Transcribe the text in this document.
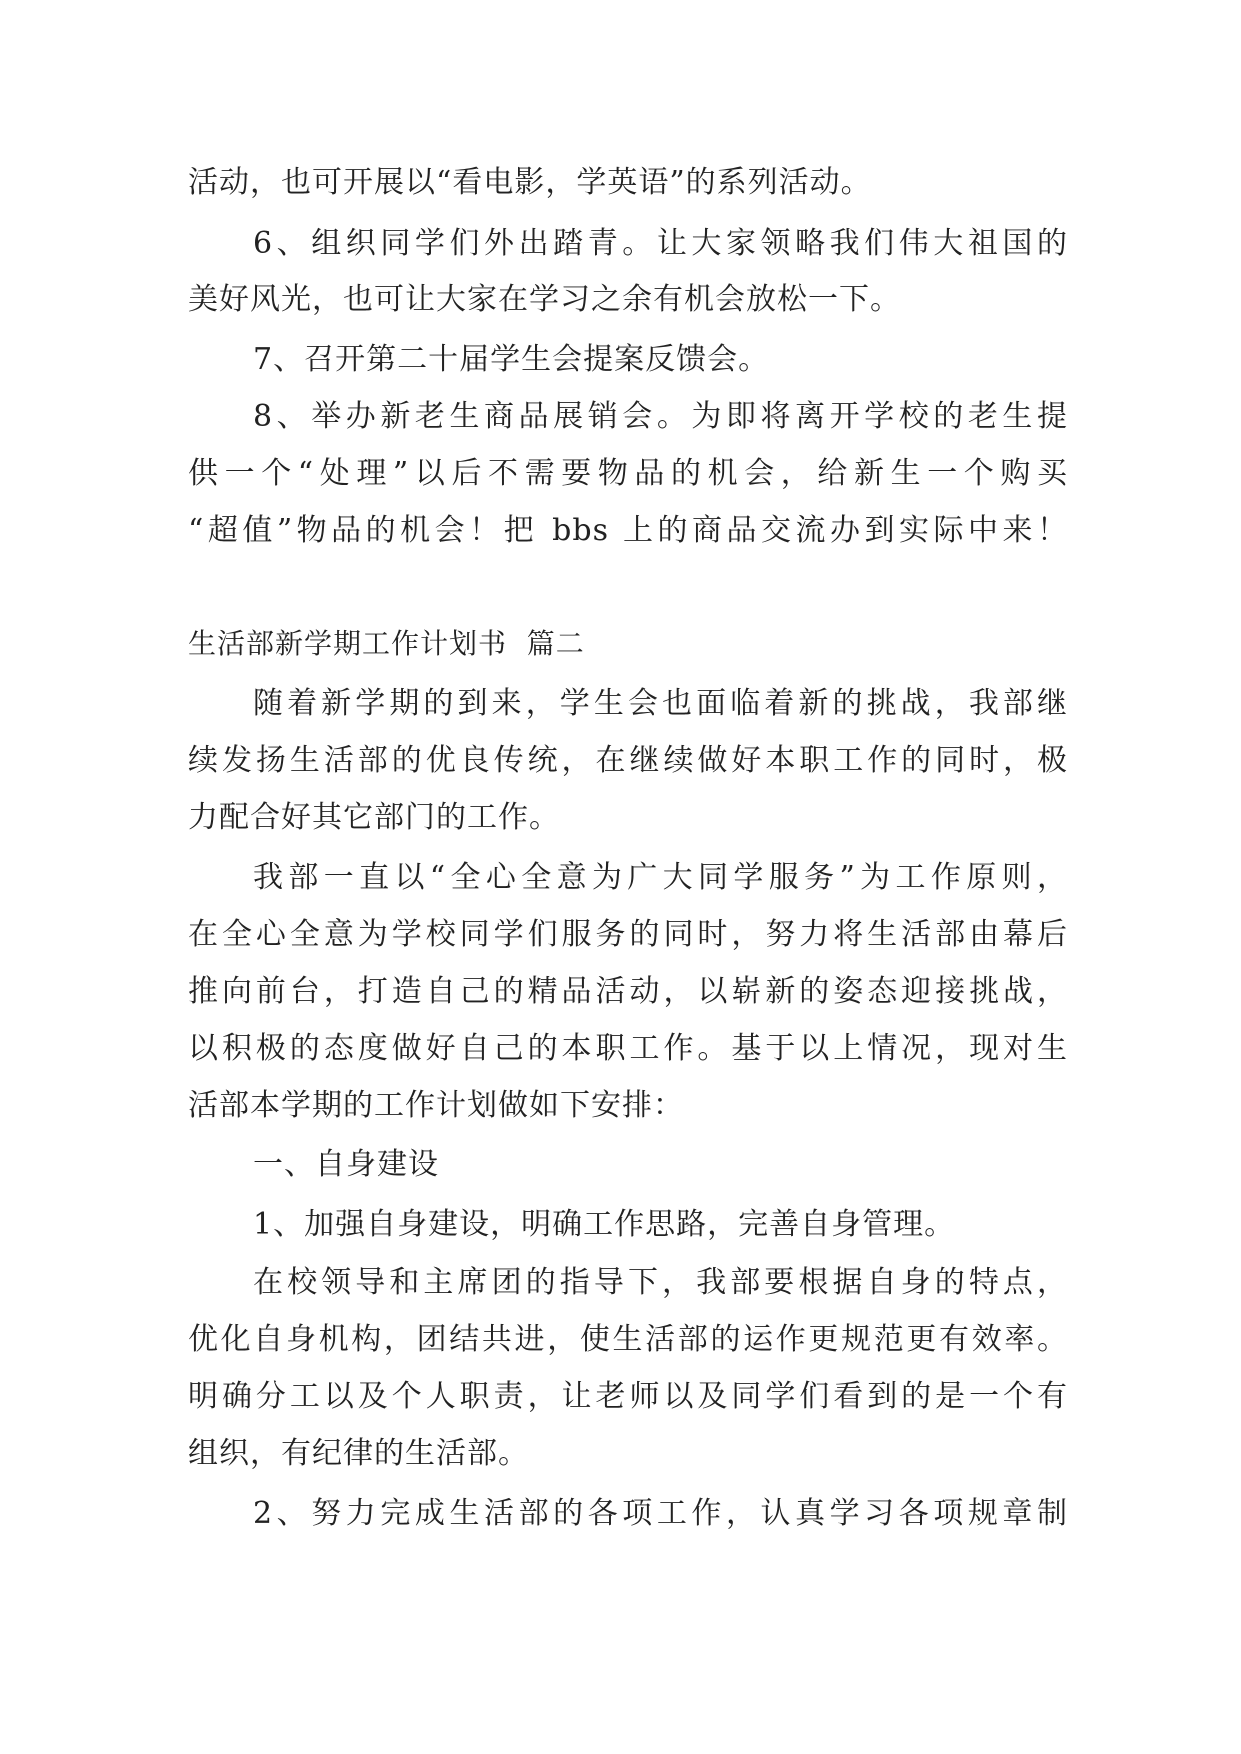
活动，也可开展以“看电影，学英语”的系列活动。
6、组织同学们外出踏青。让大家领略我们伟大祖国的
美好风光，也可让大家在学习之余有机会放松一下。
7、召开第二十届学生会提案反馈会。
8、举办新老生商品展销会。为即将离开学校的老生提
供一个“处理”以后不需要物品的机会，给新生一个购买
“超值”物品的机会！把 bbs 上的商品交流办到实际中来！
生活部新学期工作计划书  篇二
随着新学期的到来，学生会也面临着新的挑战，我部继
续发扬生活部的优良传统，在继续做好本职工作的同时，极
力配合好其它部门的工作。
我部一直以“全心全意为广大同学服务”为工作原则，
在全心全意为学校同学们服务的同时，努力将生活部由幕后
推向前台，打造自己的精品活动，以崭新的姿态迎接挑战，
以积极的态度做好自己的本职工作。基于以上情况，现对生
活部本学期的工作计划做如下安排：
一、自身建设
1、加强自身建设，明确工作思路，完善自身管理。
在校领导和主席团的指导下，我部要根据自身的特点，
优化自身机构，团结共进，使生活部的运作更规范更有效率。
明确分工以及个人职责，让老师以及同学们看到的是一个有
组织，有纪律的生活部。
2、努力完成生活部的各项工作，认真学习各项规章制
